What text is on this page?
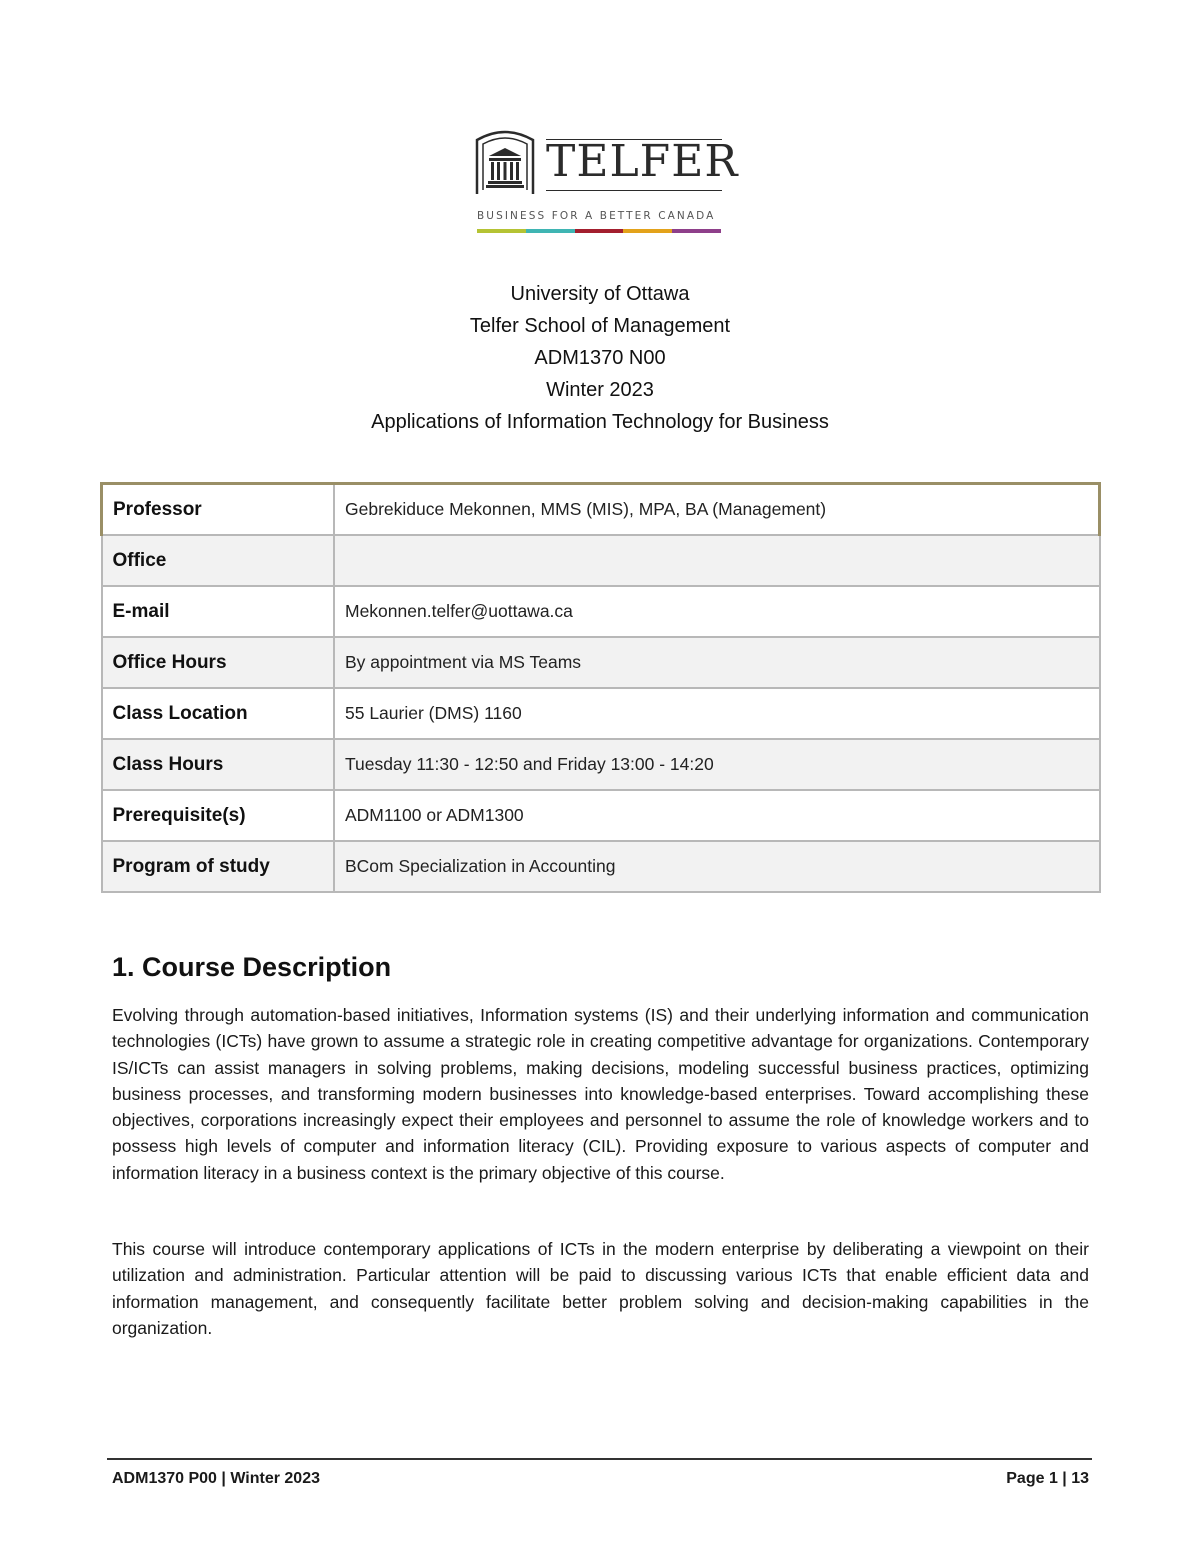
TELFER
BUSINESS FOR A BETTER CANADA
University of Ottawa
Telfer School of Management
ADM1370 N00
Winter 2023
Applications of Information Technology for Business
Professor	Gebrekiduce Mekonnen, MMS (MIS), MPA, BA (Management)
Office	
E-mail	Mekonnen.telfer@uottawa.ca
Office Hours	By appointment via MS Teams
Class Location	55 Laurier (DMS) 1160
Class Hours	Tuesday 11:30 - 12:50 and Friday 13:00 - 14:20
Prerequisite(s)	ADM1100 or ADM1300
Program of study	BCom Specialization in Accounting
1. Course Description

Evolving through automation-based initiatives, Information systems (IS) and their underlying information and communication technologies (ICTs) have grown to assume a strategic role in creating competitive advantage for organizations. Contemporary IS/ICTs can assist managers in solving problems, making decisions, modeling successful business practices, optimizing business processes, and transforming modern businesses into knowledge-based enterprises. Toward accomplishing these objectives, corporations increasingly expect their employees and personnel to assume the role of knowledge workers and to possess high levels of computer and information literacy (CIL). Providing exposure to various aspects of computer and information literacy in a business context is the primary objective of this course.

This course will introduce contemporary applications of ICTs in the modern enterprise by deliberating a viewpoint on their utilization and administration. Particular attention will be paid to discussing various ICTs that enable efficient data and information management, and consequently facilitate better problem solving and decision-making capabilities in the organization.

ADM1370 P00 | Winter 2023	Page 1 | 13
